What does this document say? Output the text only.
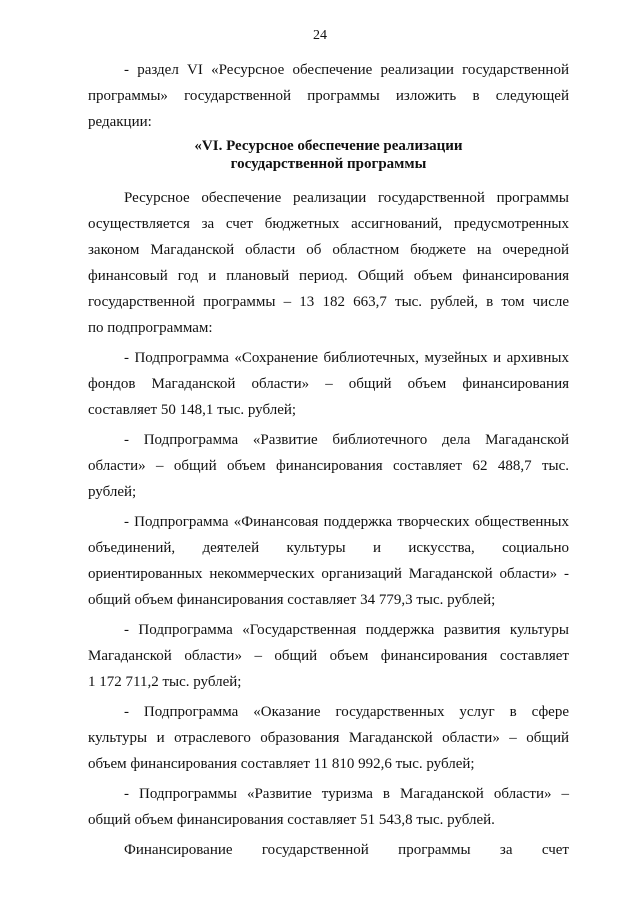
24
- раздел VI «Ресурсное обеспечение реализации государственной
программы» государственной программы изложить в следующей
редакции:
«VI. Ресурсное обеспечение реализации
государственной программы
Ресурсное обеспечение реализации государственной программы
осуществляется за счет бюджетных ассигнований, предусмотренных
законом Магаданской области об областном бюджете на очередной
финансовый год и плановый период. Общий объем финансирования
государственной программы – 13 182 663,7 тыс. рублей, в том числе
по подпрограммам:
- Подпрограмма «Сохранение библиотечных, музейных и архивных
фондов Магаданской области» – общий объем финансирования
составляет 50 148,1 тыс. рублей;
- Подпрограмма «Развитие библиотечного дела Магаданской
области» – общий объем финансирования составляет 62 488,7 тыс.
рублей;
- Подпрограмма «Финансовая поддержка творческих общественных
объединений, деятелей культуры и искусства, социально
ориентированных некоммерческих организаций Магаданской области» -
общий объем финансирования составляет 34 779,3 тыс. рублей;
- Подпрограмма «Государственная поддержка развития культуры
Магаданской области» – общий объем финансирования составляет
1 172 711,2 тыс. рублей;
- Подпрограмма «Оказание государственных услуг в сфере
культуры и отраслевого образования Магаданской области» – общий
объем финансирования составляет 11 810 992,6 тыс. рублей;
- Подпрограммы «Развитие туризма в Магаданской области» –
общий объем финансирования составляет 51 543,8 тыс. рублей.
Финансирование государственной программы за счет
